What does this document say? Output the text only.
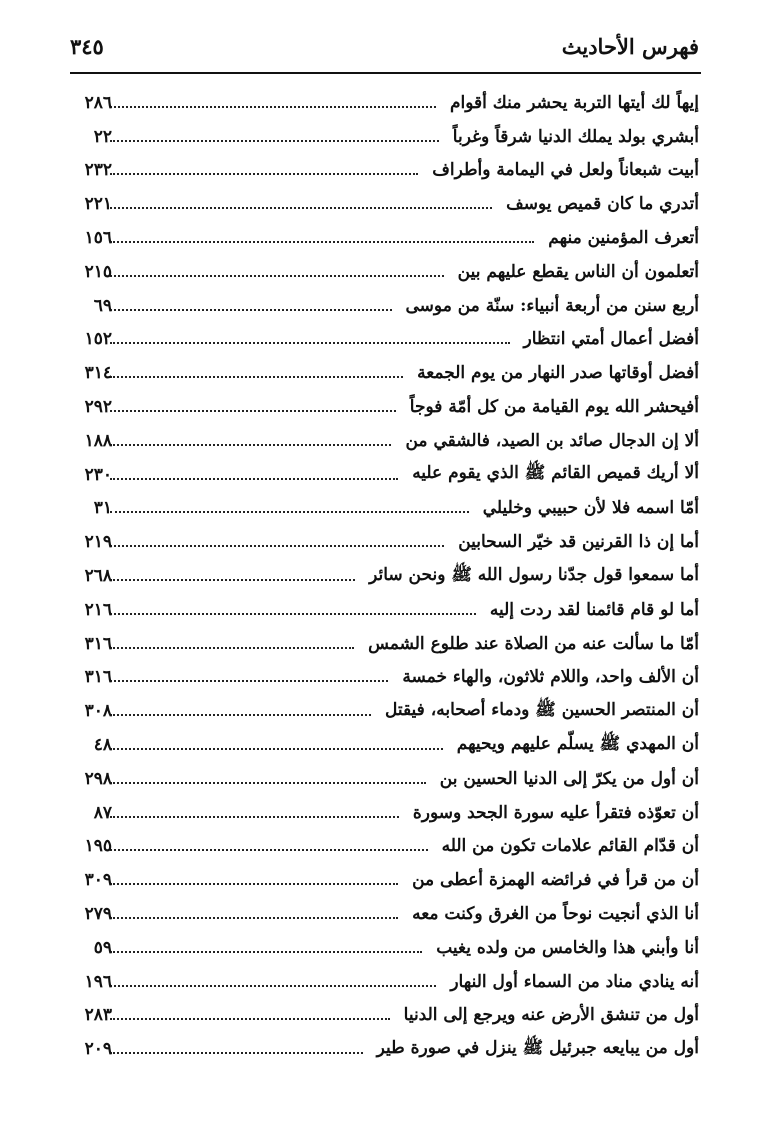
فهرس الأحاديث
٣٤٥
إيهاً لك أيتها التربة يحشر منك أقوام
٢٨٦
أبشري بولد يملك الدنيا شرقاً وغرباً
٢٢
أبيت شبعاناً ولعل في اليمامة وأطراف
٢٣٢
أتدري ما كان قميص يوسف
٢٢١
أتعرف المؤمنين منهم
١٥٦
أتعلمون أن الناس يقطع عليهم بين
٢١٥
أربع سنن من أربعة أنبياء: سنّة من موسى
٦٩
أفضل أعمال أمتي انتظار
١٥٢
أفضل أوقاتها صدر النهار من يوم الجمعة
٣١٤
أفيحشر الله يوم القيامة من كل أمّة فوجاً
٢٩٢
ألا إن الدجال صائد بن الصيد، فالشقي من
١٨٨
ألا أريك قميص القائم ﷺ الذي يقوم عليه
٢٣٠
أمّا اسمه فلا لأن حبيبي وخليلي
٣١
أما إن ذا القرنين قد خيّر السحابين
٢١٩
أما سمعوا قول جدّنا رسول الله ﷺ ونحن سائر
٢٦٨
أما لو قام قائمنا لقد ردت إليه
٢١٦
أمّا ما سألت عنه من الصلاة عند طلوع الشمس
٣١٦
أن الألف واحد، واللام ثلاثون، والهاء خمسة
٣١٦
أن المنتصر الحسين ﷺ ودماء أصحابه، فيقتل
٣٠٨
أن المهدي ﷺ يسلّم عليهم ويحيهم
٤٨
أن أول من يكرّ إلى الدنيا الحسين بن
٢٩٨
أن تعوّذه فتقرأ عليه سورة الجحد وسورة
٨٧
أن قدّام القائم علامات تكون من الله
١٩٥
أن من قرأ في فرائضه الهمزة أعطى من
٣٠٩
أنا الذي أنجيت نوحاً من الغرق وكنت معه
٢٧٩
أنا وأبني هذا والخامس من ولده يغيب
٥٩
أنه ينادي مناد من السماء أول النهار
١٩٦
أول من تنشق الأرض عنه ويرجع إلى الدنيا
٢٨٣
أول من يبايعه جبرئيل ﷺ ينزل في صورة طير
٢٠٩
